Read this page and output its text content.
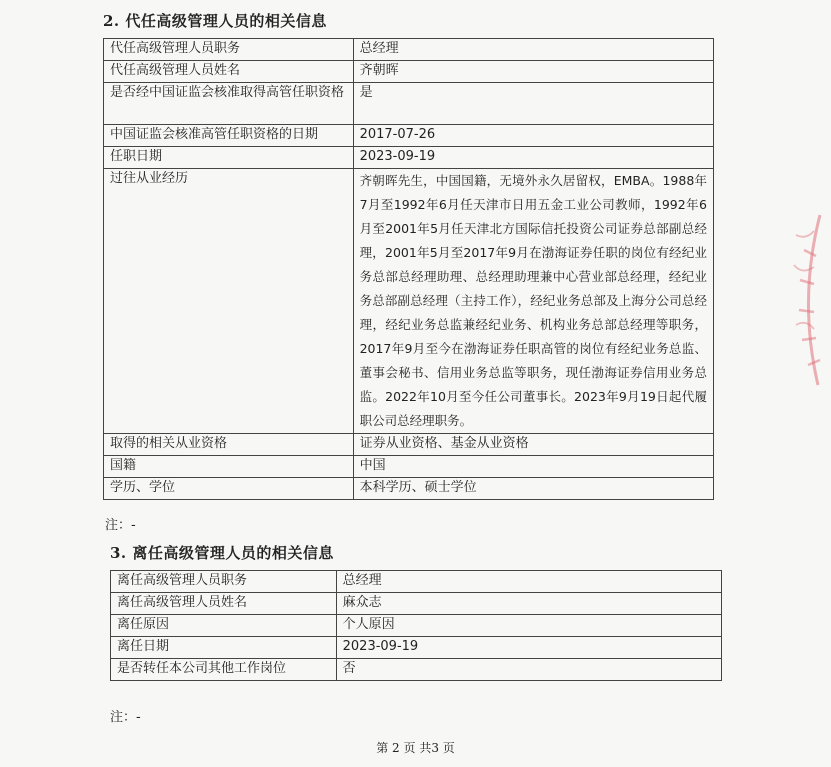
2. 代任高级管理人员的相关信息
代任高级管理人员职务	总经理
代任高级管理人员姓名	齐朝晖
是否经中国证监会核准取得高管任职资格	是
中国证监会核准高管任职资格的日期	2017-07-26
任职日期	2023-09-19
过往从业经历	齐朝晖先生，中国国籍，无境外永久居留权，EMBA。1988年7月至1992年6月任天津市日用五金工业公司教师，1992年6月至2001年5月任天津北方国际信托投资公司证券总部副总经理，2001年5月至2017年9月在渤海证券任职的岗位有经纪业务总部总经理助理、总经理助理兼中心营业部总经理，经纪业务总部副总经理（主持工作），经纪业务总部及上海分公司总经理，经纪业务总监兼经纪业务、机构业务总部总经理等职务，2017年9月至今在渤海证券任职高管的岗位有经纪业务总监、董事会秘书、信用业务总监等职务，现任渤海证券信用业务总监。2022年10月至今任公司董事长。2023年9月19日起代履职公司总经理职务。
取得的相关从业资格	证券从业资格、基金从业资格
国籍	中国
学历、学位	本科学历、硕士学位
注：-
3. 离任高级管理人员的相关信息
离任高级管理人员职务	总经理
离任高级管理人员姓名	麻众志
离任原因	个人原因
离任日期	2023-09-19
是否转任本公司其他工作岗位	否
注：-
第 2 页 共3 页
